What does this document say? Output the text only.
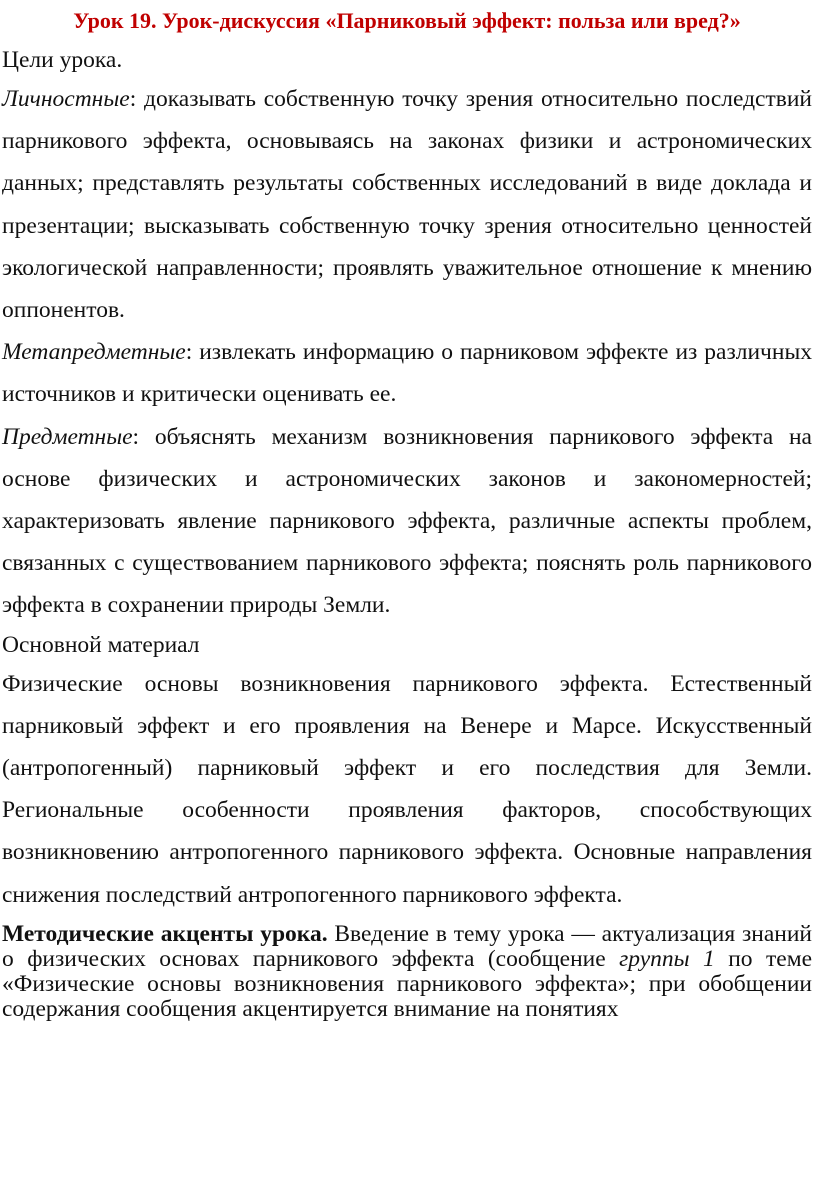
Урок 19. Урок-дискуссия «Парниковый эффект: польза или вред?»

Цели урока.

Личностные: доказывать собственную точку зрения относительно последствий парникового эффекта, основываясь на законах физики и астрономических данных; представлять результаты собственных исследований в виде доклада и презентации; высказывать собственную точку зрения относительно ценностей экологической направленности; проявлять уважительное отношение к мнению оппонентов.

Метапредметные: извлекать информацию о парниковом эффекте из различных источников и критически оценивать ее.

Предметные: объяснять механизм возникновения парникового эффекта на основе физических и астрономических законов и закономерностей; характеризовать явление парникового эффекта, различные аспекты проблем, связанных с существованием парникового эффекта; пояснять роль парникового эффекта в сохранении природы Земли.

Основной материал

Физические основы возникновения парникового эффекта. Естественный парниковый эффект и его проявления на Венере и Марсе. Искусственный (антропогенный) парниковый эффект и его последствия для Земли. Региональные особенности проявления факторов, способствующих возникновению антропогенного парникового эффекта. Основные направления снижения последствий антропогенного парникового эффекта.

Методические акценты урока. Введение в тему урока — актуализация знаний о физических основах парникового эффекта (сообщение группы 1 по теме «Физические основы возникновения парникового эффекта»; при обобщении содержания сообщения акцентируется внимание на понятиях
